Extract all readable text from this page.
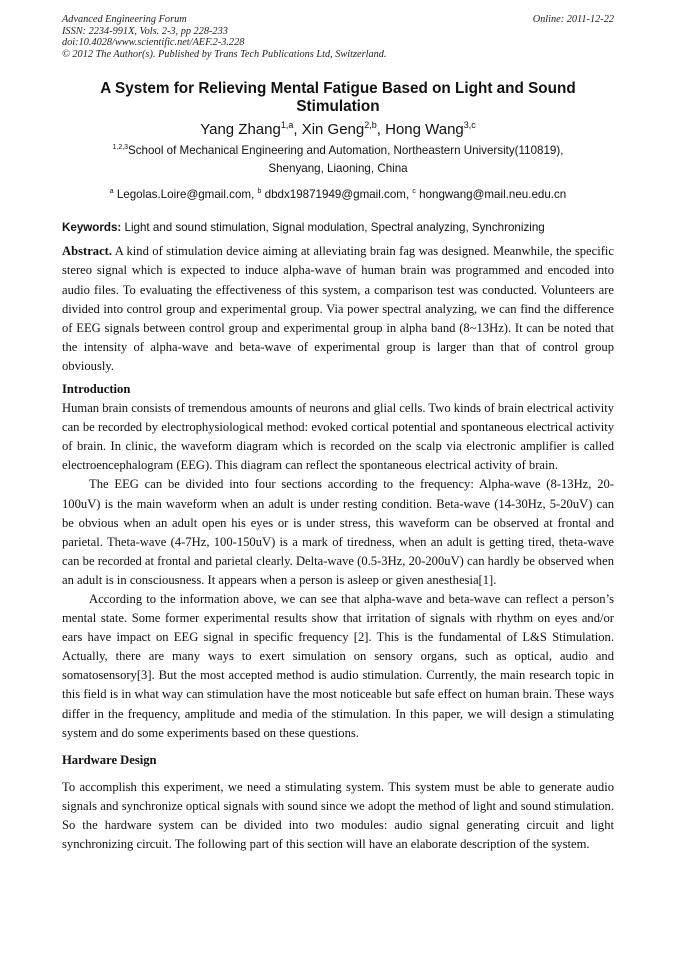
Advanced Engineering Forum	Online: 2011-12-22
ISSN: 2234-991X, Vols. 2-3, pp 228-233
doi:10.4028/www.scientific.net/AEF.2-3.228
© 2012 The Author(s). Published by Trans Tech Publications Ltd, Switzerland.
A System for Relieving Mental Fatigue Based on Light and Sound Stimulation
Yang Zhang$^{1,a}$, Xin Geng$^{2,b}$, Hong Wang$^{3,c}$
$^{1,2,3}$School of Mechanical Engineering and Automation, Northeastern University(110819),
Shenyang, Liaoning, China
$^a$ Legolas.Loire@gmail.com, $^b$ dbdx19871949@gmail.com, $^c$ hongwang@mail.neu.edu.cn
Keywords: Light and sound stimulation, Signal modulation, Spectral analyzing, Synchronizing

Abstract. A kind of stimulation device aiming at alleviating brain fag was designed. Meanwhile, the specific stereo signal which is expected to induce alpha-wave of human brain was programmed and encoded into audio files. To evaluating the effectiveness of this system, a comparison test was conducted. Volunteers are divided into control group and experimental group. Via power spectral analyzing, we can find the difference of EEG signals between control group and experimental group in alpha band (8~13Hz). It can be noted that the intensity of alpha-wave and beta-wave of experimental group is larger than that of control group obviously.

Introduction

Human brain consists of tremendous amounts of neurons and glial cells. Two kinds of brain electrical activity can be recorded by electrophysiological method: evoked cortical potential and spontaneous electrical activity of brain. In clinic, the waveform diagram which is recorded on the scalp via electronic amplifier is called electroencephalogram (EEG). This diagram can reflect the spontaneous electrical activity of brain.

The EEG can be divided into four sections according to the frequency: Alpha-wave (8-13Hz, 20-100uV) is the main waveform when an adult is under resting condition. Beta-wave (14-30Hz, 5-20uV) can be obvious when an adult open his eyes or is under stress, this waveform can be observed at frontal and parietal. Theta-wave (4-7Hz, 100-150uV) is a mark of tiredness, when an adult is getting tired, theta-wave can be recorded at frontal and parietal clearly. Delta-wave (0.5-3Hz, 20-200uV) can hardly be observed when an adult is in consciousness. It appears when a person is asleep or given anesthesia[1].

According to the information above, we can see that alpha-wave and beta-wave can reflect a person’s mental state. Some former experimental results show that irritation of signals with rhythm on eyes and/or ears have impact on EEG signal in specific frequency [2]. This is the fundamental of L&S Stimulation. Actually, there are many ways to exert simulation on sensory organs, such as optical, audio and somatosensory[3]. But the most accepted method is audio stimulation. Currently, the main research topic in this field is in what way can stimulation have the most noticeable but safe effect on human brain. These ways differ in the frequency, amplitude and media of the stimulation. In this paper, we will design a stimulating system and do some experiments based on these questions.

Hardware Design

To accomplish this experiment, we need a stimulating system. This system must be able to generate audio signals and synchronize optical signals with sound since we adopt the method of light and sound stimulation. So the hardware system can be divided into two modules: audio signal generating circuit and light synchronizing circuit. The following part of this section will have an elaborate description of the system.
